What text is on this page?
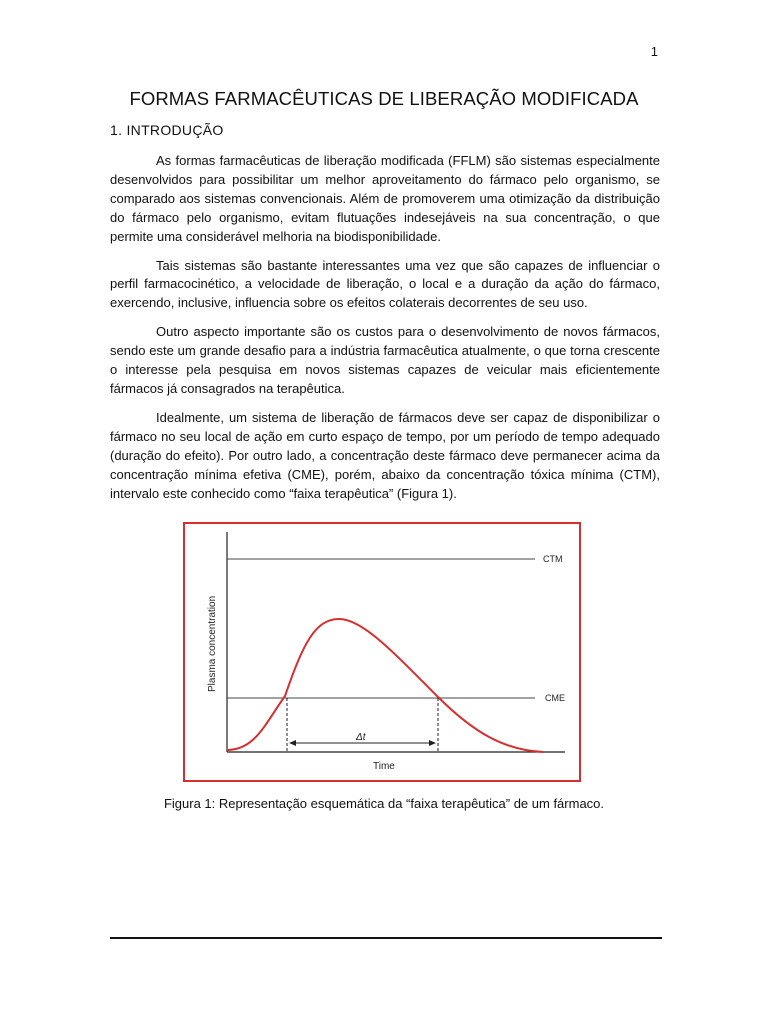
1
FORMAS FARMACÊUTICAS DE LIBERAÇÃO MODIFICADA
1. INTRODUÇÃO

As formas farmacêuticas de liberação modificada (FFLM) são sistemas especialmente desenvolvidos para possibilitar um melhor aproveitamento do fármaco pelo organismo, se comparado aos sistemas convencionais. Além de promoverem uma otimização da distribuição do fármaco pelo organismo, evitam flutuações indesejáveis na sua concentração, o que permite uma considerável melhoria na biodisponibilidade.

Tais sistemas são bastante interessantes uma vez que são capazes de influenciar o perfil farmacocinético, a velocidade de liberação, o local e a duração da ação do fármaco, exercendo, inclusive, influencia sobre os efeitos colaterais decorrentes de seu uso.

Outro aspecto importante são os custos para o desenvolvimento de novos fármacos, sendo este um grande desafio para a indústria farmacêutica atualmente, o que torna crescente o interesse pela pesquisa em novos sistemas capazes de veicular mais eficientemente fármacos já consagrados na terapêutica.

Idealmente, um sistema de liberação de fármacos deve ser capaz de disponibilizar o fármaco no seu local de ação em curto espaço de tempo, por um período de tempo adequado (duração do efeito). Por outro lado, a concentração deste fármaco deve permanecer acima da concentração mínima efetiva (CME), porém, abaixo da concentração tóxica mínima (CTM), intervalo este conhecido como “faixa terapêutica” (Figura 1).

CTM
CME
Δt
Time
Plasma concentration

Figura 1: Representação esquemática da “faixa terapêutica” de um fármaco.
